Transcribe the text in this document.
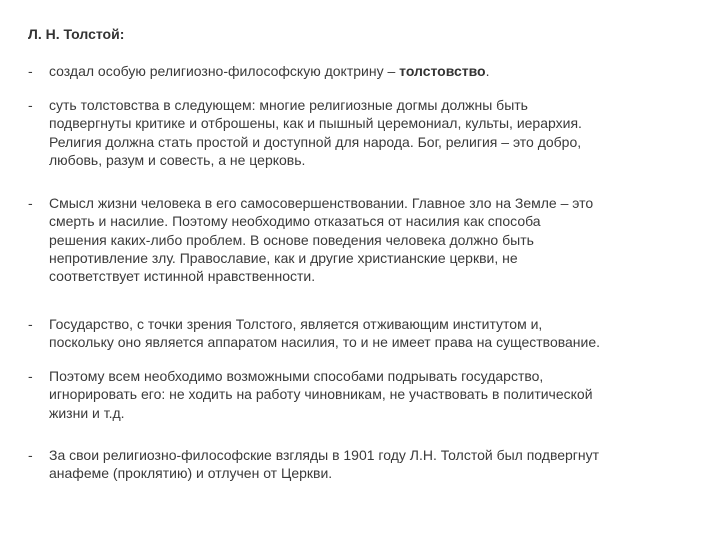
Л. Н. Толстой:
-	создал особую религиозно-философскую доктрину – толстовство.
-	суть толстовства в следующем: многие религиозные догмы должны быть
подвергнуты критике и отброшены, как и пышный церемониал, культы, иерархия.
Религия должна стать простой и доступной для народа. Бог, религия – это добро,
любовь, разум и совесть, а не церковь.
-	Смысл жизни человека в его самосовершенствовании. Главное зло на Земле – это
смерть и насилие. Поэтому необходимо отказаться от насилия как способа
решения каких-либо проблем. В основе поведения человека должно быть
непротивление злу. Православие, как и другие христианские церкви, не
соответствует истинной нравственности.
-	Государство, с точки зрения Толстого, является отживающим институтом и,
поскольку оно является аппаратом насилия, то и не имеет права на существование.
-	Поэтому всем необходимо возможными способами подрывать государство,
игнорировать его: не ходить на работу чиновникам, не участвовать в политической
жизни и т.д.
-	За свои религиозно-философские взгляды в 1901 году Л.Н. Толстой был подвергнут
анафеме (проклятию) и отлучен от Церкви.
